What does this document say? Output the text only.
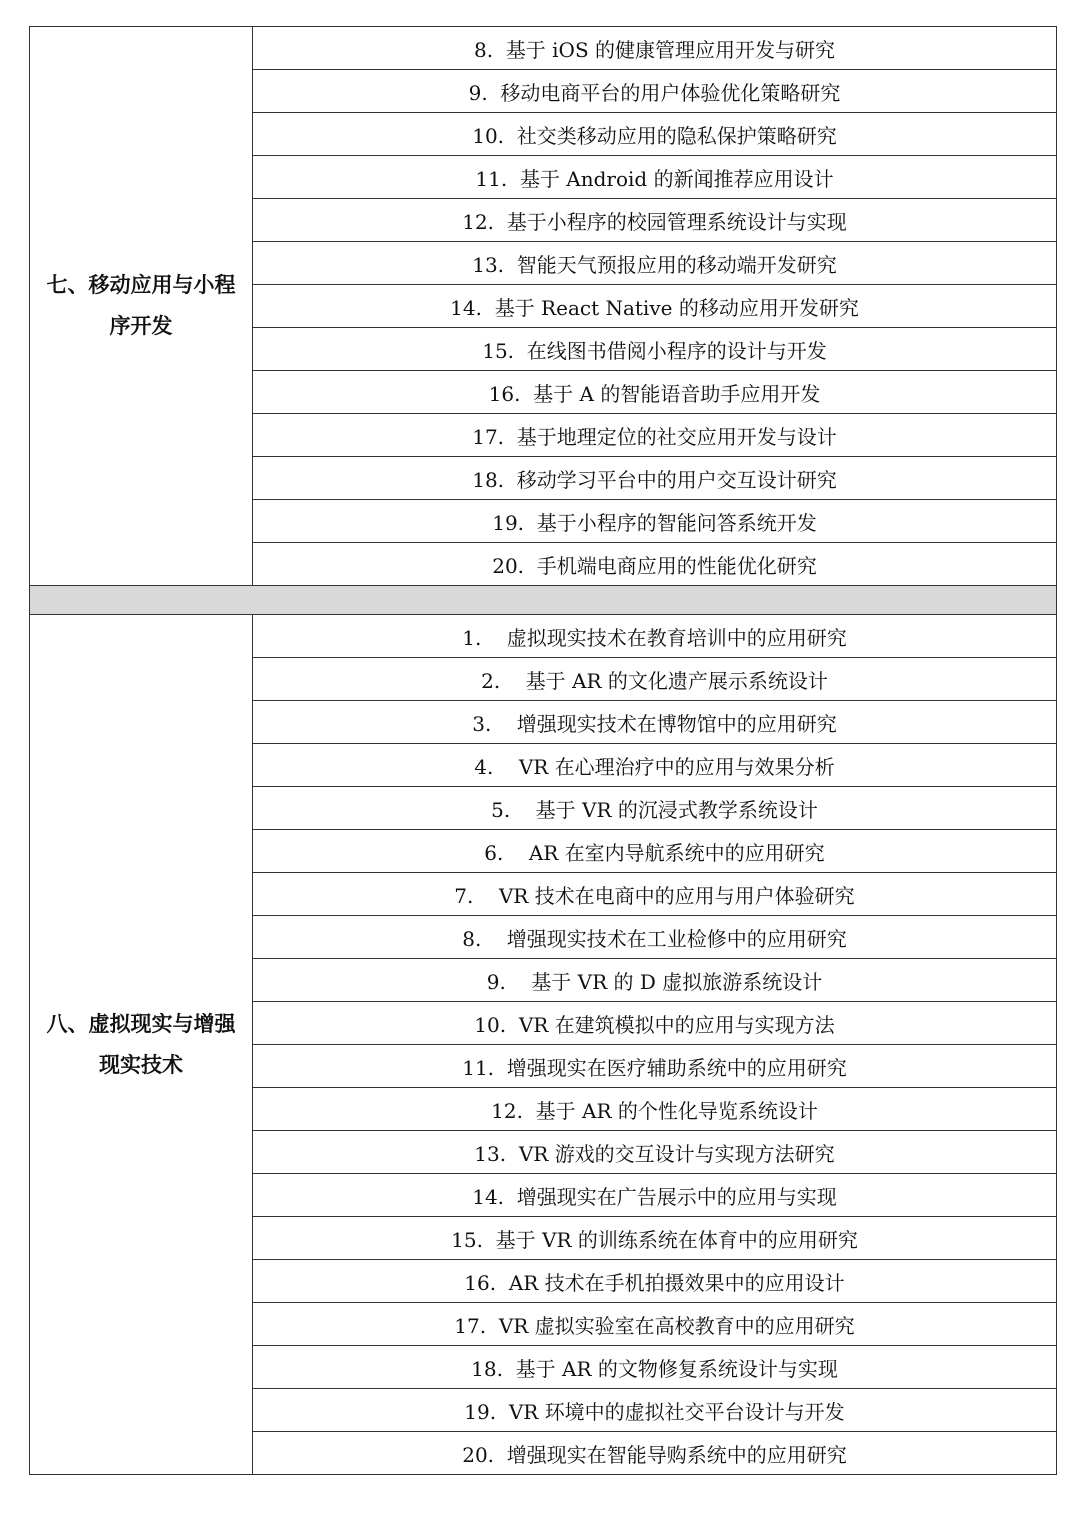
七、移动应用与小程序开发	8. 基于 iOS 的健康管理应用开发与研究
	9. 移动电商平台的用户体验优化策略研究
	10. 社交类移动应用的隐私保护策略研究
	11. 基于 Android 的新闻推荐应用设计
	12. 基于小程序的校园管理系统设计与实现
	13. 智能天气预报应用的移动端开发研究
	14. 基于 React Native 的移动应用开发研究
	15. 在线图书借阅小程序的设计与开发
	16. 基于 A 的智能语音助手应用开发
	17. 基于地理定位的社交应用开发与设计
	18. 移动学习平台中的用户交互设计研究
	19. 基于小程序的智能问答系统开发
	20. 手机端电商应用的性能优化研究

八、虚拟现实与增强现实技术	1. 虚拟现实技术在教育培训中的应用研究
	2. 基于 AR 的文化遗产展示系统设计
	3. 增强现实技术在博物馆中的应用研究
	4. VR 在心理治疗中的应用与效果分析
	5. 基于 VR 的沉浸式教学系统设计
	6. AR 在室内导航系统中的应用研究
	7. VR 技术在电商中的应用与用户体验研究
	8. 增强现实技术在工业检修中的应用研究
	9. 基于 VR 的 D 虚拟旅游系统设计
	10. VR 在建筑模拟中的应用与实现方法
	11. 增强现实在医疗辅助系统中的应用研究
	12. 基于 AR 的个性化导览系统设计
	13. VR 游戏的交互设计与实现方法研究
	14. 增强现实在广告展示中的应用与实现
	15. 基于 VR 的训练系统在体育中的应用研究
	16. AR 技术在手机拍摄效果中的应用设计
	17. VR 虚拟实验室在高校教育中的应用研究
	18. 基于 AR 的文物修复系统设计与实现
	19. VR 环境中的虚拟社交平台设计与开发
	20. 增强现实在智能导购系统中的应用研究
